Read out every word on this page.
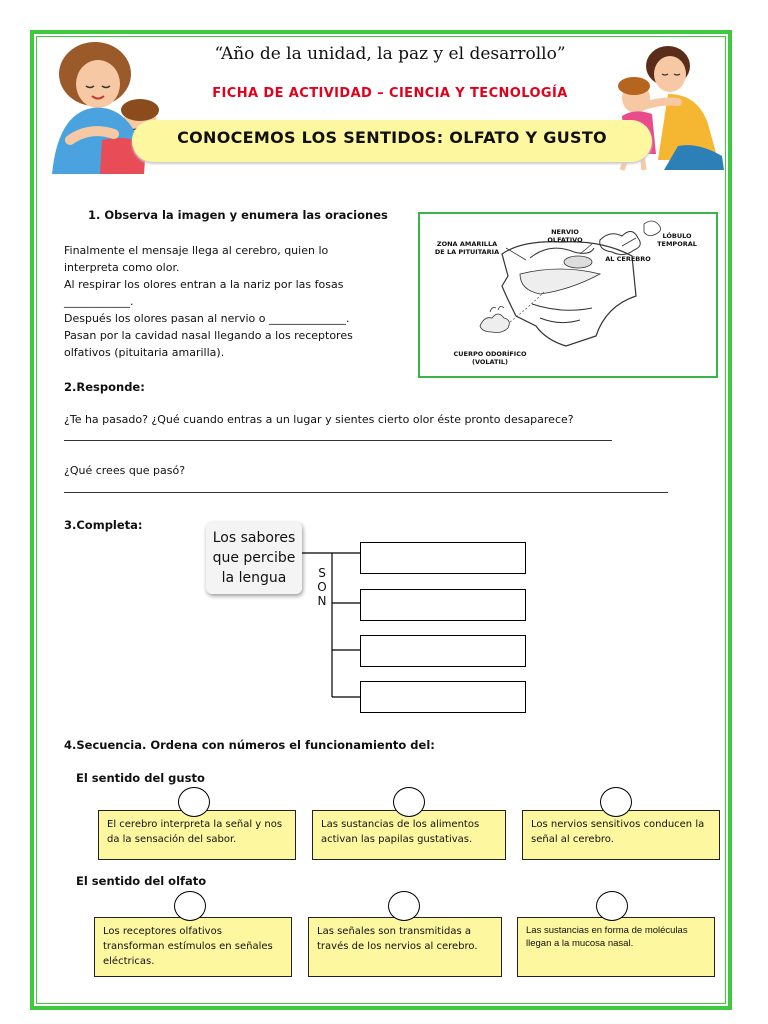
“Año de la unidad, la paz y el desarrollo”
FICHA DE ACTIVIDAD – CIENCIA Y TECNOLOGÍA
CONOCEMOS LOS SENTIDOS: OLFATO Y GUSTO
1. Observa la imagen y enumera las oraciones
Finalmente el mensaje llega al cerebro, quien lo
interpreta como olor.
Al respirar los olores entran a la nariz por las fosas
____________.
Después los olores pasan al nervio o ______________.
Pasan por la cavidad nasal llegando a los receptores
olfativos (pituitaria amarilla).
ZONA AMARILLA
DE LA PITUITARIA
NERVIO
OLFATIVO	LÓBULO
TEMPORAL
AL CEREBRO
CUERPO ODORÍFICO
(VOLATIL)
2.Responde:
¿Te ha pasado? ¿Qué cuando entras a un lugar y sientes cierto olor éste pronto desaparece?
¿Qué crees que pasó?
3.Completa:
Los sabores
que percibe
la lengua	S
O
N
4.Secuencia. Ordena con números el funcionamiento del:
El sentido del gusto
El cerebro interpreta la señal y nos da la sensación del sabor.
Las sustancias de los alimentos activan las papilas gustativas.
Los nervios sensitivos conducen la señal al cerebro.
El sentido del olfato
Los receptores olfativos transforman estímulos en señales eléctricas.
Las señales son transmitidas a través de los nervios al cerebro.
Las sustancias en forma de moléculas llegan a la mucosa nasal.
